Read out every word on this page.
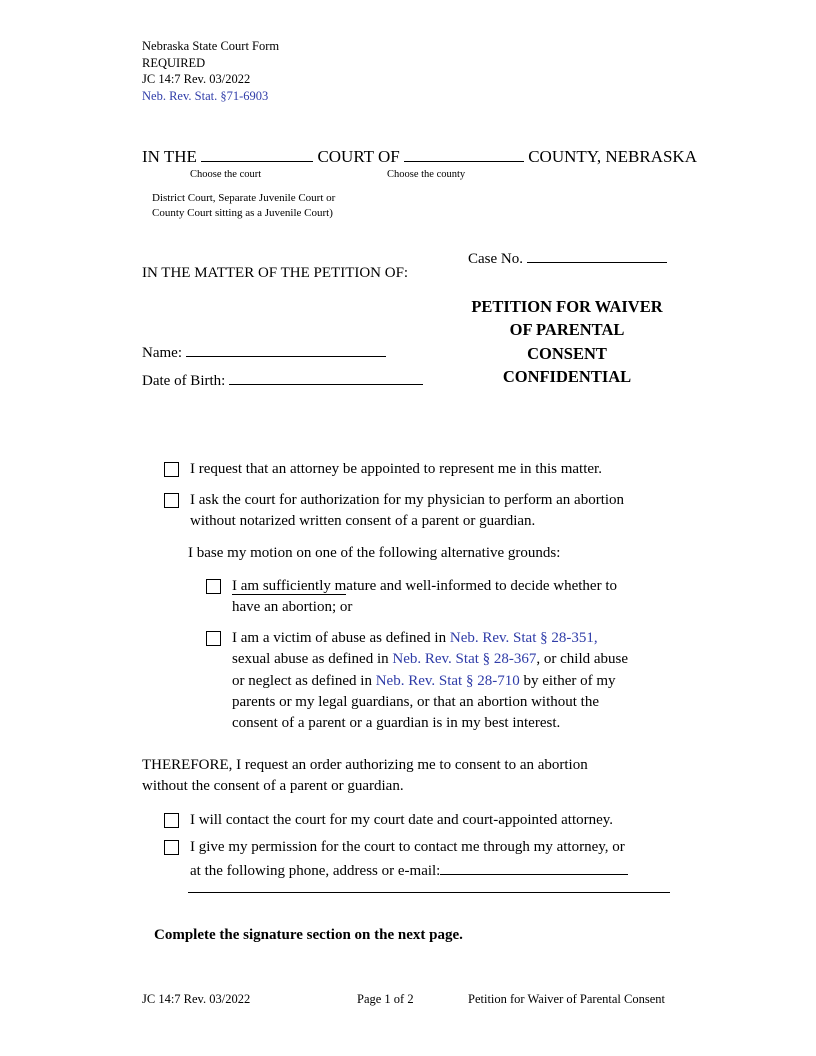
Nebraska State Court Form
REQUIRED
JC 14:7 Rev. 03/2022
Neb. Rev. Stat. §71-6903
IN THE	COURT OF	COUNTY, NEBRASKA
Choose the court	Choose the county
District Court, Separate Juvenile Court or
County Court sitting as a Juvenile Court)
Case No.
IN THE MATTER OF THE PETITION OF:
PETITION FOR WAIVER
OF PARENTAL
CONSENT
CONFIDENTIAL
Name:
Date of Birth:
I request that an attorney be appointed to represent me in this matter.
I ask the court for authorization for my physician to perform an abortion
without notarized written consent of a parent or guardian.
I base my motion on one of the following alternative grounds:
I am sufficiently mature and well-informed to decide whether to
have an abortion; or
I am a victim of abuse as defined in Neb. Rev. Stat § 28-351,
sexual abuse as defined in Neb. Rev. Stat § 28-367, or child abuse
or neglect as defined in Neb. Rev. Stat § 28-710 by either of my
parents or my legal guardians, or that an abortion without the
consent of a parent or a guardian is in my best interest.
THEREFORE, I request an order authorizing me to consent to an abortion
without the consent of a parent or guardian.
I will contact the court for my court date and court-appointed attorney.
I give my permission for the court to contact me through my attorney, or
at the following phone, address or e-mail:
Complete the signature section on the next page.
JC 14:7 Rev. 03/2022	Page 1 of 2	Petition for Waiver of Parental Consent
